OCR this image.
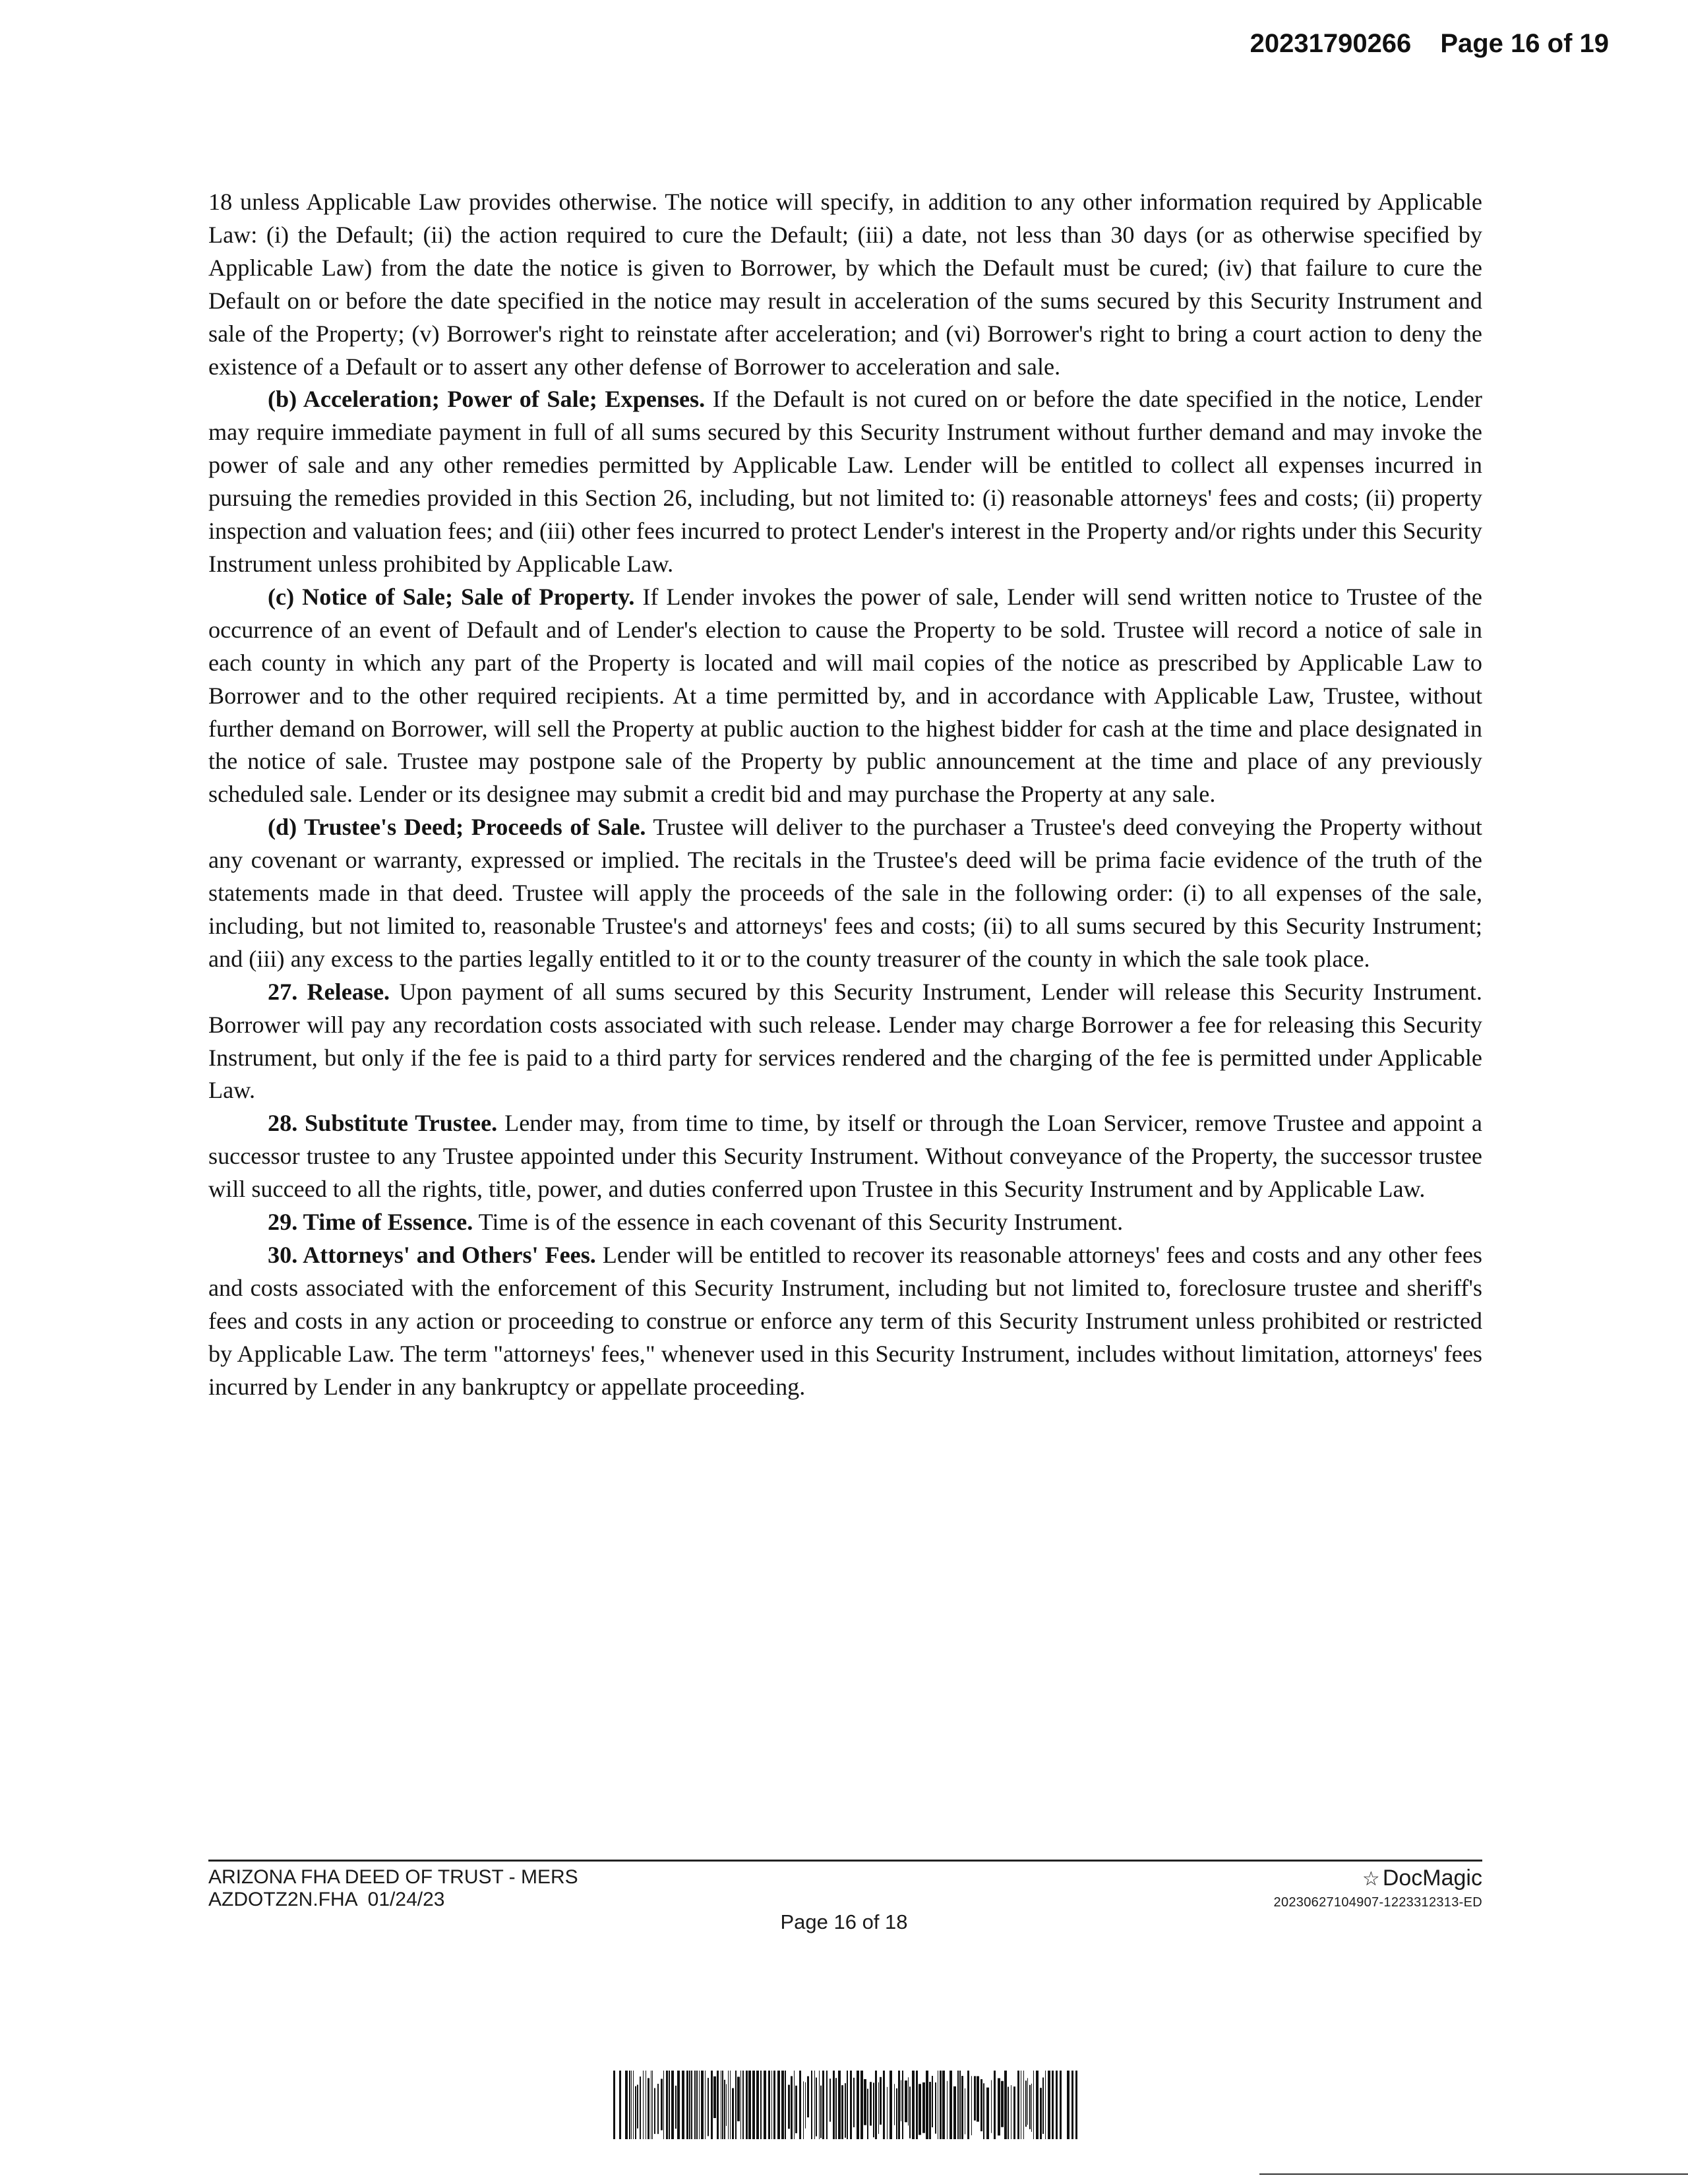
20231790266 Page 16 of 19

18 unless Applicable Law provides otherwise. The notice will specify, in addition to any other information required by Applicable Law: (i) the Default; (ii) the action required to cure the Default; (iii) a date, not less than 30 days (or as otherwise specified by Applicable Law) from the date the notice is given to Borrower, by which the Default must be cured; (iv) that failure to cure the Default on or before the date specified in the notice may result in acceleration of the sums secured by this Security Instrument and sale of the Property; (v) Borrower's right to reinstate after acceleration; and (vi) Borrower's right to bring a court action to deny the existence of a Default or to assert any other defense of Borrower to acceleration and sale.

(b) Acceleration; Power of Sale; Expenses. If the Default is not cured on or before the date specified in the notice, Lender may require immediate payment in full of all sums secured by this Security Instrument without further demand and may invoke the power of sale and any other remedies permitted by Applicable Law. Lender will be entitled to collect all expenses incurred in pursuing the remedies provided in this Section 26, including, but not limited to: (i) reasonable attorneys' fees and costs; (ii) property inspection and valuation fees; and (iii) other fees incurred to protect Lender's interest in the Property and/or rights under this Security Instrument unless prohibited by Applicable Law.

(c) Notice of Sale; Sale of Property. If Lender invokes the power of sale, Lender will send written notice to Trustee of the occurrence of an event of Default and of Lender's election to cause the Property to be sold. Trustee will record a notice of sale in each county in which any part of the Property is located and will mail copies of the notice as prescribed by Applicable Law to Borrower and to the other required recipients. At a time permitted by, and in accordance with Applicable Law, Trustee, without further demand on Borrower, will sell the Property at public auction to the highest bidder for cash at the time and place designated in the notice of sale. Trustee may postpone sale of the Property by public announcement at the time and place of any previously scheduled sale. Lender or its designee may submit a credit bid and may purchase the Property at any sale.

(d) Trustee's Deed; Proceeds of Sale. Trustee will deliver to the purchaser a Trustee's deed conveying the Property without any covenant or warranty, expressed or implied. The recitals in the Trustee's deed will be prima facie evidence of the truth of the statements made in that deed. Trustee will apply the proceeds of the sale in the following order: (i) to all expenses of the sale, including, but not limited to, reasonable Trustee's and attorneys' fees and costs; (ii) to all sums secured by this Security Instrument; and (iii) any excess to the parties legally entitled to it or to the county treasurer of the county in which the sale took place.

27. Release. Upon payment of all sums secured by this Security Instrument, Lender will release this Security Instrument. Borrower will pay any recordation costs associated with such release. Lender may charge Borrower a fee for releasing this Security Instrument, but only if the fee is paid to a third party for services rendered and the charging of the fee is permitted under Applicable Law.

28. Substitute Trustee. Lender may, from time to time, by itself or through the Loan Servicer, remove Trustee and appoint a successor trustee to any Trustee appointed under this Security Instrument. Without conveyance of the Property, the successor trustee will succeed to all the rights, title, power, and duties conferred upon Trustee in this Security Instrument and by Applicable Law.

29. Time of Essence. Time is of the essence in each covenant of this Security Instrument.

30. Attorneys' and Others' Fees. Lender will be entitled to recover its reasonable attorneys' fees and costs and any other fees and costs associated with the enforcement of this Security Instrument, including but not limited to, foreclosure trustee and sheriff's fees and costs in any action or proceeding to construe or enforce any term of this Security Instrument unless prohibited or restricted by Applicable Law. The term "attorneys' fees," whenever used in this Security Instrument, includes without limitation, attorneys' fees incurred by Lender in any bankruptcy or appellate proceeding.

ARIZONA FHA DEED OF TRUST - MERS
AZDOTZ2N.FHA  01/24/23
Page 16 of 18
☆ DocMagic
20230627104907-1223312313-ED
